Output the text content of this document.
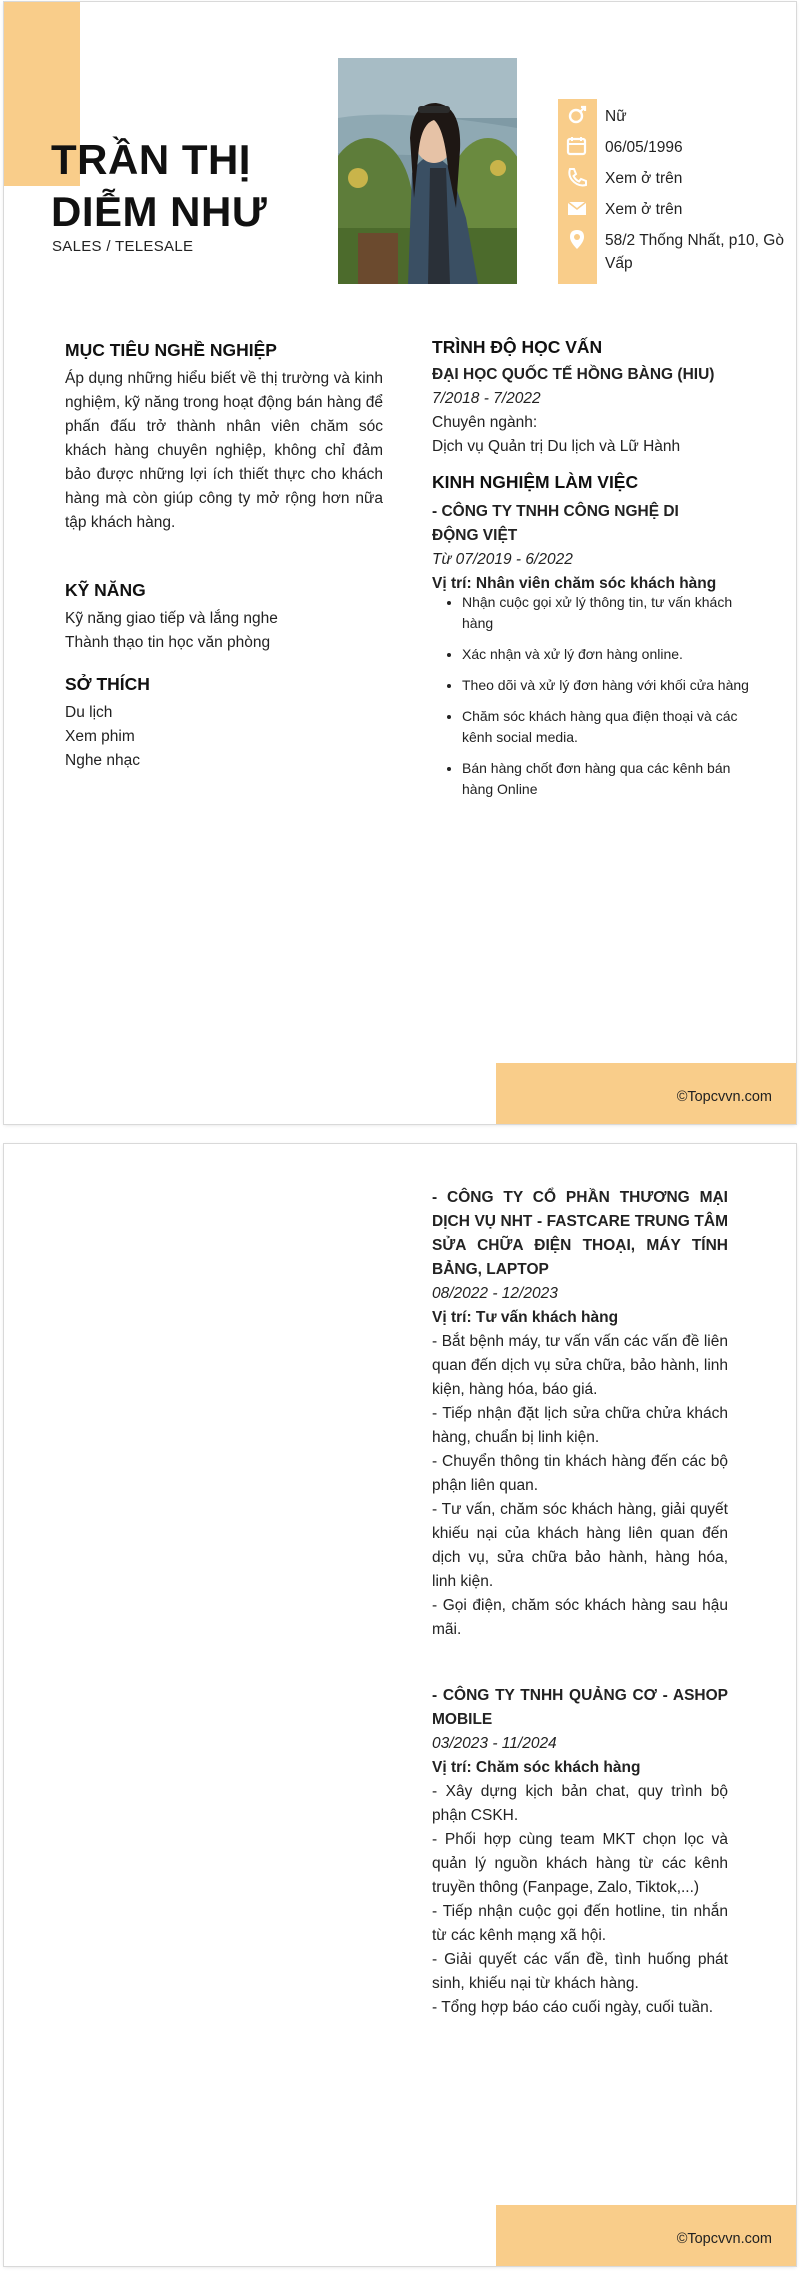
TRẦN THỊ
DIỄM NHƯ
SALES / TELESALE
Nữ
06/05/1996
Xem ở trên
Xem ở trên
58/2 Thống Nhất, p10, Gò Vấp
MỤC TIÊU NGHỀ NGHIỆP

Áp dụng những hiểu biết về thị trường và kinh nghiệm, kỹ năng trong hoạt động bán hàng để phấn đấu trở thành nhân viên chăm sóc khách hàng chuyên nghiệp, không chỉ đảm bảo được những lợi ích thiết thực cho khách hàng mà còn giúp công ty mở rộng hơn nữa tập khách hàng.

KỸ NĂNG
Kỹ năng giao tiếp và lắng nghe
Thành thạo tin học văn phòng
SỞ THÍCH
Du lịch
Xem phim
Nghe nhạc
TRÌNH ĐỘ HỌC VẤN
ĐẠI HỌC QUỐC TẾ HỒNG BÀNG (HIU)
7/2018 - 7/2022
Chuyên ngành:
Dịch vụ Quản trị Du lịch và Lữ Hành
KINH NGHIỆM LÀM VIỆC
- CÔNG TY TNHH CÔNG NGHỆ DI ĐỘNG VIỆT
Từ 07/2019 - 6/2022
Vị trí: Nhân viên chăm sóc khách hàng
• Nhận cuộc gọi xử lý thông tin, tư vấn khách hàng
• Xác nhận và xử lý đơn hàng online.
• Theo dõi và xử lý đơn hàng với khối cửa hàng
• Chăm sóc khách hàng qua điện thoại và các kênh social media.
• Bán hàng chốt đơn hàng qua các kênh bán hàng Online
©Topcvvn.com
- CÔNG TY CỔ PHẦN THƯƠNG MẠI DỊCH VỤ NHT - FASTCARE TRUNG TÂM SỬA CHỮA ĐIỆN THOẠI, MÁY TÍNH BẢNG, LAPTOP
08/2022 - 12/2023
Vị trí: Tư vấn khách hàng

- Bắt bệnh máy, tư vấn vấn các vấn đề liên quan đến dịch vụ sửa chữa, bảo hành, linh kiện, hàng hóa, báo giá.

- Tiếp nhận đặt lịch sửa chữa chửa khách hàng, chuẩn bị linh kiện.

- Chuyển thông tin khách hàng đến các bộ phận liên quan.

- Tư vấn, chăm sóc khách hàng, giải quyết khiếu nại của khách hàng liên quan đến dịch vụ, sửa chữa bảo hành, hàng hóa, linh kiện.

- Gọi điện, chăm sóc khách hàng sau hậu mãi.

- CÔNG TY TNHH QUẢNG CƠ - ASHOP MOBILE
03/2023 - 11/2024
Vị trí: Chăm sóc khách hàng

- Xây dựng kịch bản chat, quy trình bộ phận CSKH.

- Phối hợp cùng team MKT chọn lọc và quản lý nguồn khách hàng từ các kênh truyền thông (Fanpage, Zalo, Tiktok,...)

- Tiếp nhận cuộc gọi đến hotline, tin nhắn từ các kênh mạng xã hội.

- Giải quyết các vấn đề, tình huống phát sinh, khiếu nại từ khách hàng.

- Tổng hợp báo cáo cuối ngày, cuối tuần.

©Topcvvn.com
